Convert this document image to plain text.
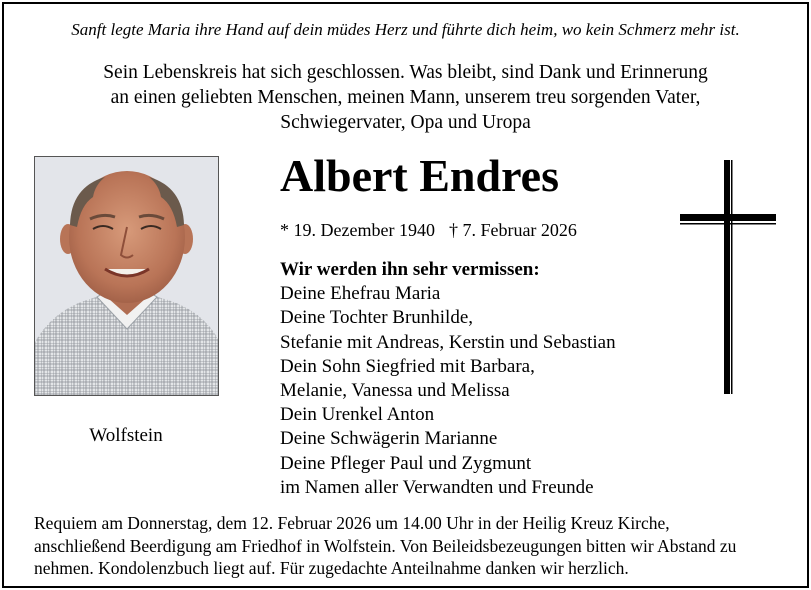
Sanft legte Maria ihre Hand auf dein müdes Herz und führte dich heim, wo kein Schmerz mehr ist.
Sein Lebenskreis hat sich geschlossen. Was bleibt, sind Dank und Erinnerung
an einen geliebten Menschen, meinen Mann, unserem treu sorgenden Vater,
Schwiegervater, Opa und Uropa
Wolfstein
Albert Endres
* 19. Dezember 1940 † 7. Februar 2026
Wir werden ihn sehr vermissen:
Deine Ehefrau Maria
Deine Tochter Brunhilde,
Stefanie mit Andreas, Kerstin und Sebastian
Dein Sohn Siegfried mit Barbara,
Melanie, Vanessa und Melissa
Dein Urenkel Anton
Deine Schwägerin Marianne
Deine Pfleger Paul und Zygmunt
im Namen aller Verwandten und Freunde
Requiem am Donnerstag, dem 12. Februar 2026 um 14.00 Uhr in der Heilig Kreuz Kirche,
anschließend Beerdigung am Friedhof in Wolfstein. Von Beileidsbezeugungen bitten wir Abstand zu
nehmen. Kondolenzbuch liegt auf. Für zugedachte Anteilnahme danken wir herzlich.
